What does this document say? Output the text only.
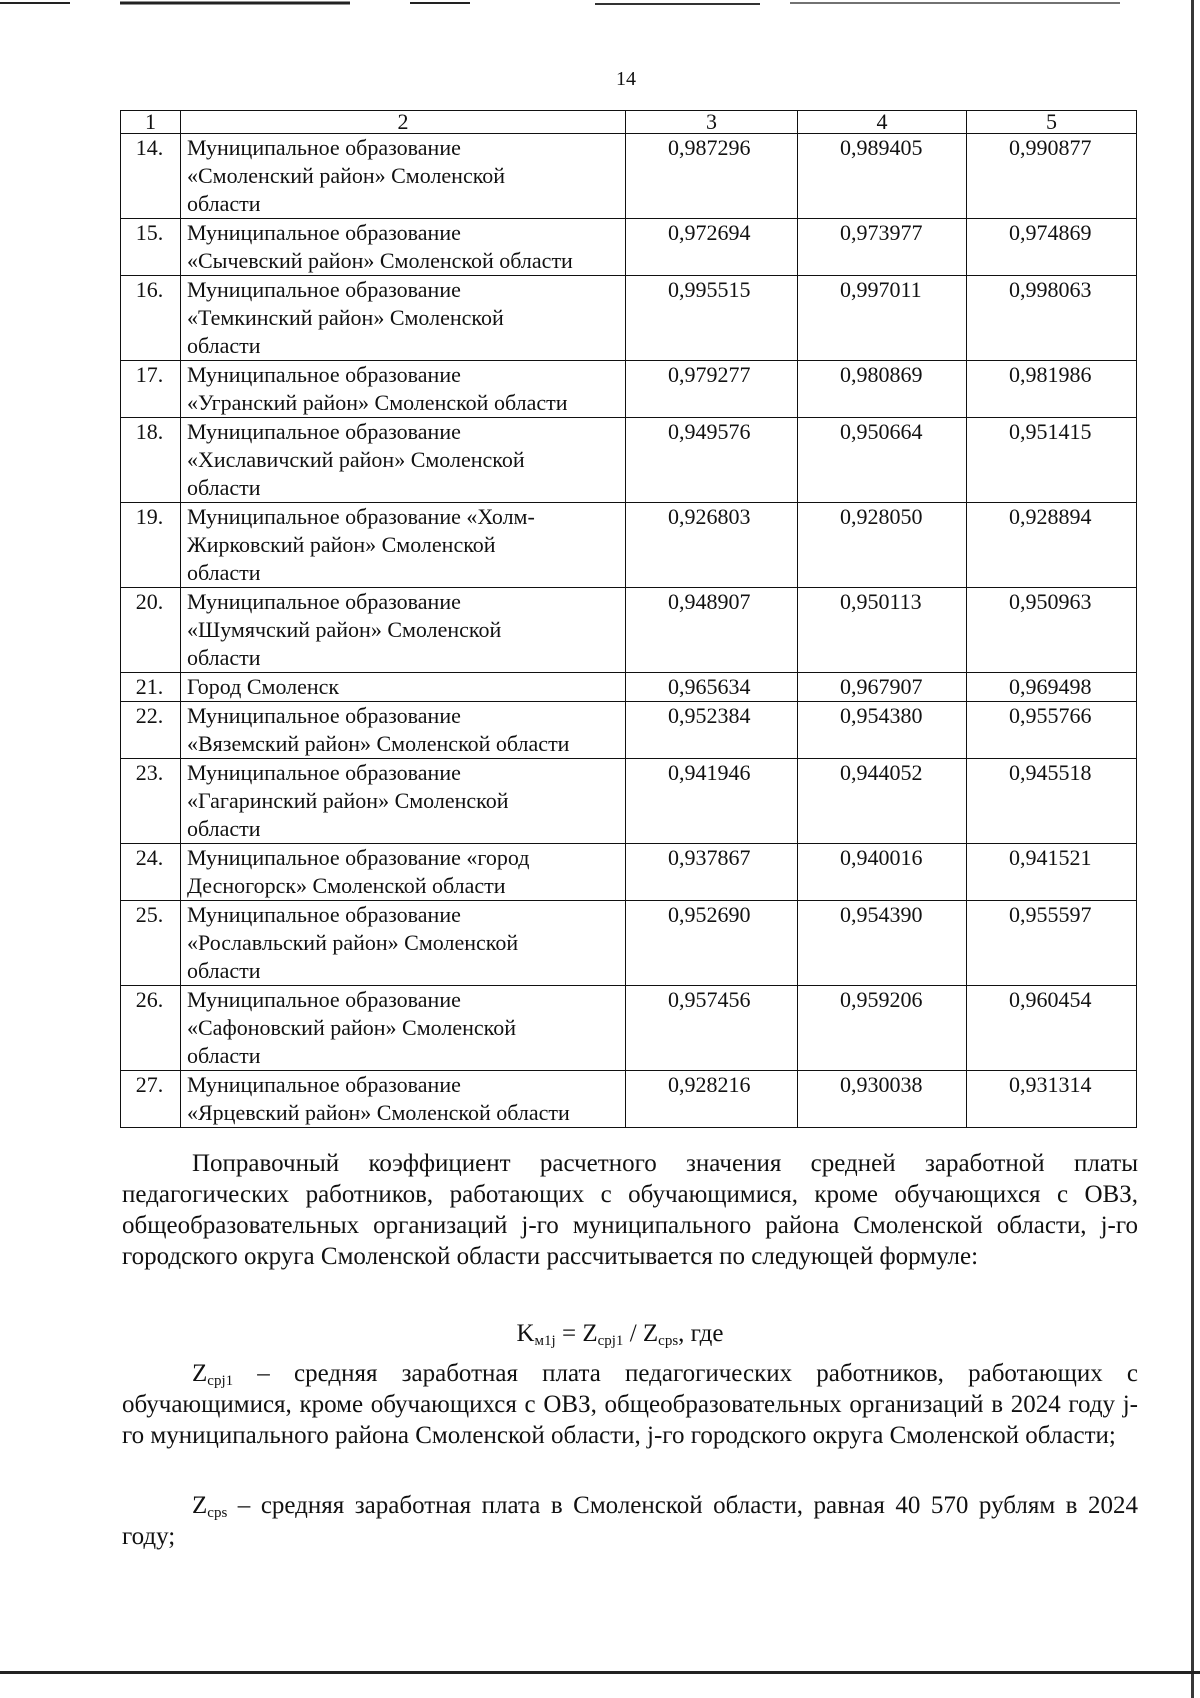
14
1	2	3	4	5
14.	Муниципальное образование
«Смоленский район» Смоленской
области	0,987296	0,989405	0,990877
15.	Муниципальное образование
«Сычевский район» Смоленской области	0,972694	0,973977	0,974869
16.	Муниципальное образование
«Темкинский район» Смоленской
области	0,995515	0,997011	0,998063
17.	Муниципальное образование
«Угранский район» Смоленской области	0,979277	0,980869	0,981986
18.	Муниципальное образование
«Хиславичский район» Смоленской
области	0,949576	0,950664	0,951415
19.	Муниципальное образование «Холм-
Жирковский район» Смоленской
области	0,926803	0,928050	0,928894
20.	Муниципальное образование
«Шумячский район» Смоленской
области	0,948907	0,950113	0,950963
21.	Город Смоленск	0,965634	0,967907	0,969498
22.	Муниципальное образование
«Вяземский район» Смоленской области	0,952384	0,954380	0,955766
23.	Муниципальное образование
«Гагаринский район» Смоленской
области	0,941946	0,944052	0,945518
24.	Муниципальное образование «город
Десногорск» Смоленской области	0,937867	0,940016	0,941521
25.	Муниципальное образование
«Рославльский район» Смоленской
области	0,952690	0,954390	0,955597
26.	Муниципальное образование
«Сафоновский район» Смоленской
области	0,957456	0,959206	0,960454
27.	Муниципальное образование
«Ярцевский район» Смоленской области	0,928216	0,930038	0,931314
Поправочный коэффициент расчетного значения средней заработной платы педагогических работников, работающих с обучающимися, кроме обучающихся с ОВЗ, общеобразовательных организаций j-го муниципального района Смоленской области, j-го городского округа Смоленской области рассчитывается по следующей формуле:
$K_{м1j} = Z_{срj1} / Z_{срs}$, где
$Z_{срj1}$ – средняя заработная плата педагогических работников, работающих с обучающимися, кроме обучающихся с ОВЗ, общеобразовательных организаций в 2024 году j-го муниципального района Смоленской области, j-го городского округа Смоленской области;
$Z_{срs}$ – средняя заработная плата в Смоленской области, равная 40 570 рублям в 2024 году;
